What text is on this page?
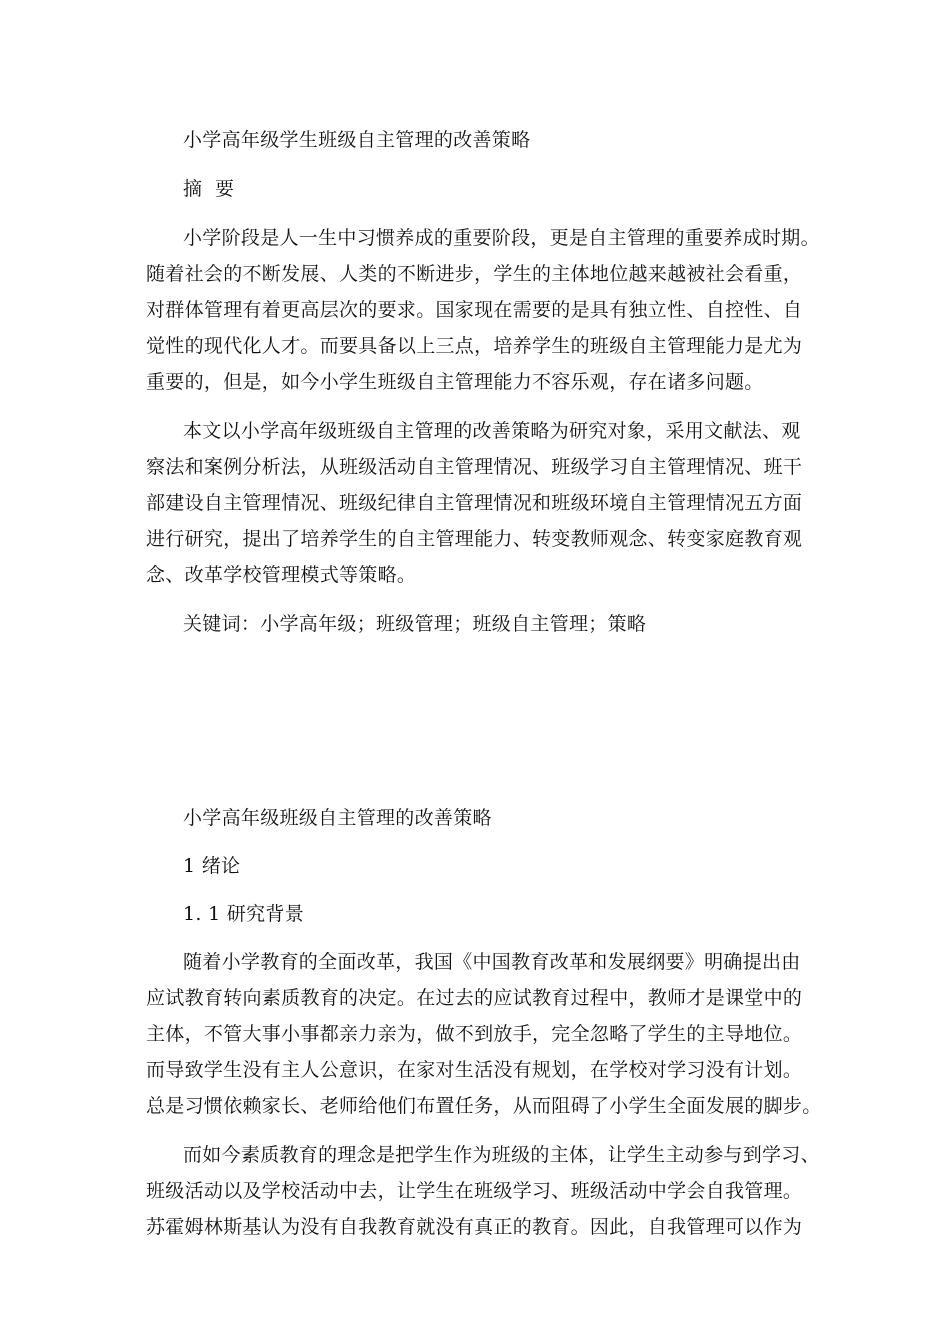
小学高年级学生班级自主管理的改善策略

摘  要

小学阶段是人一生中习惯养成的重要阶段，更是自主管理的重要养成时期。

随着社会的不断发展、人类的不断进步，学生的主体地位越来越被社会看重，

对群体管理有着更高层次的要求。国家现在需要的是具有独立性、自控性、自

觉性的现代化人才。而要具备以上三点，培养学生的班级自主管理能力是尤为

重要的，但是，如今小学生班级自主管理能力不容乐观，存在诸多问题。

本文以小学高年级班级自主管理的改善策略为研究对象，采用文献法、观

察法和案例分析法，从班级活动自主管理情况、班级学习自主管理情况、班干

部建设自主管理情况、班级纪律自主管理情况和班级环境自主管理情况五方面

进行研究，提出了培养学生的自主管理能力、转变教师观念、转变家庭教育观

念、改革学校管理模式等策略。

关键词：小学高年级；班级管理；班级自主管理；策略

小学高年级班级自主管理的改善策略

1 绪论

1. 1 研究背景

随着小学教育的全面改革，我国《中国教育改革和发展纲要》明确提出由

应试教育转向素质教育的决定。在过去的应试教育过程中，教师才是课堂中的

主体，不管大事小事都亲力亲为，做不到放手，完全忽略了学生的主导地位。

而导致学生没有主人公意识，在家对生活没有规划，在学校对学习没有计划。

总是习惯依赖家长、老师给他们布置任务，从而阻碍了小学生全面发展的脚步。

而如今素质教育的理念是把学生作为班级的主体，让学生主动参与到学习、

班级活动以及学校活动中去，让学生在班级学习、班级活动中学会自我管理。

苏霍姆林斯基认为没有自我教育就没有真正的教育。因此，自我管理可以作为
